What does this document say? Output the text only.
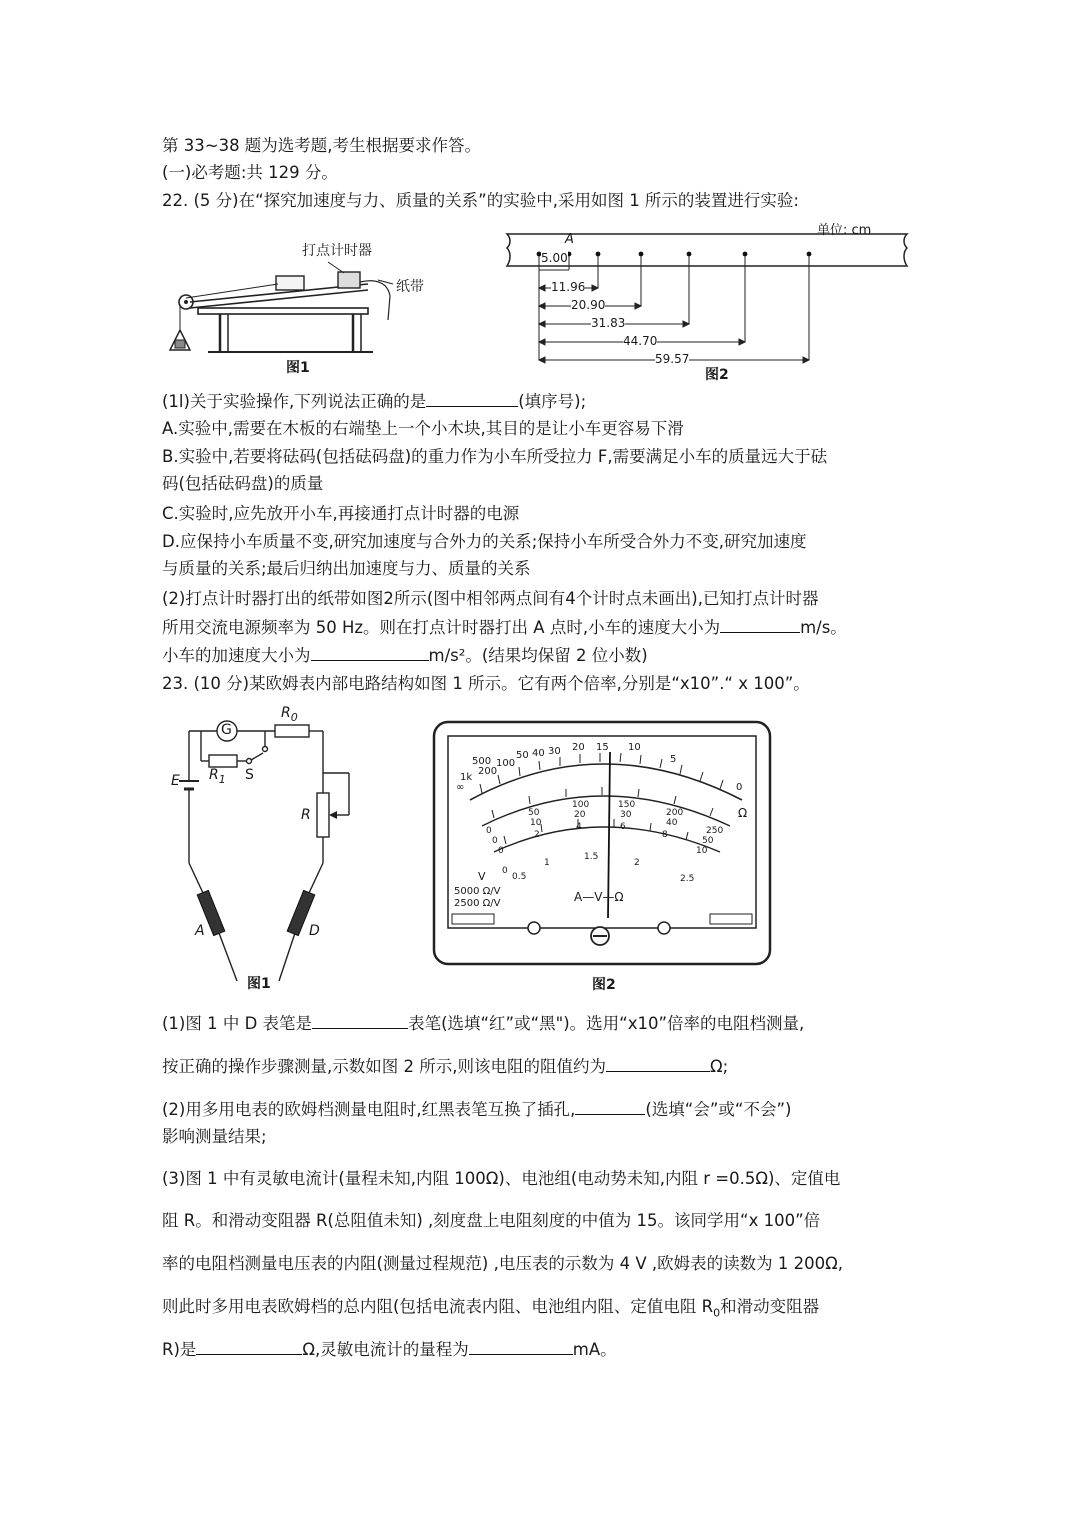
第 33~38 题为选考题,考生根据要求作答。
(一)必考题:共 129 分。
22. (5 分)在“探究加速度与力、质量的关系”的实验中,采用如图 1 所示的装置进行实验:
打点计时器
纸带
图1
单位: cm
A
5.00
11.96
20.90
31.83
44.70
59.57
图2
(1l)关于实验操作,下列说法正确的是	(填序号);
A.实验中,需要在木板的右端垫上一个小木块,其目的是让小车更容易下滑
B.实验中,若要将砝码(包括砝码盘)的重力作为小车所受拉力 F,需要满足小车的质量远大于砝
码(包括砝码盘)的质量
C.实验时,应先放开小车,再接通打点计时器的电源
D.应保持小车质量不变,研究加速度与合外力的关系;保持小车所受合外力不变,研究加速度
与质量的关系;最后归纳出加速度与力、质量的关系
(2)打点计时器打出的纸带如图2所示(图中相邻两点间有4个计时点未画出),已知打点计时器
所用交流电源频率为 50 Hz。则在打点计时器打出 A 点时,小车的速度大小为	m/s。
小车的加速度大小为	m/s²。(结果均保留 2 位小数)
23. (10 分)某欧姆表内部电路结构如图 1 所示。它有两个倍率,分别是“x10”.“ x 100”。
G
$R_0$
$R_1$ S
E
R
A	D
图1
∞
1k
500
200
100
50 40 30 20 15 10
5
0
Ω
0
50
100	150
200
250
0
10
20	30
40
50
0
2
4	6
8
10
0
0.5
1
1.5
2
2.5
V
5000 Ω/V
2500 Ω/V	A—V—Ω
图2
(1)图 1 中 D 表笔是	表笔(选填“红”或“黑")。选用“x10”倍率的电阻档测量,
按正确的操作步骤测量,示数如图 2 所示,则该电阻的阻值约为	Ω;
(2)用多用电表的欧姆档测量电阻时,红黑表笔互换了插孔,	(选填“会”或“不会”)
影响测量结果;
(3)图 1 中有灵敏电流计(量程未知,内阻 100Ω)、电池组(电动势未知,内阻 r =0.5Ω)、定值电
阻 R。和滑动变阻器 R(总阻值未知) ,刻度盘上电阻刻度的中值为 15。该同学用“x 100”倍
率的电阻档测量电压表的内阻(测量过程规范) ,电压表的示数为 4 V ,欧姆表的读数为 1 200Ω,
则此时多用电表欧姆档的总内阻(包括电流表内阻、电池组内阻、定值电阻 $R_0$和滑动变阻器
R)是	Ω,灵敏电流计的量程为	mA。
